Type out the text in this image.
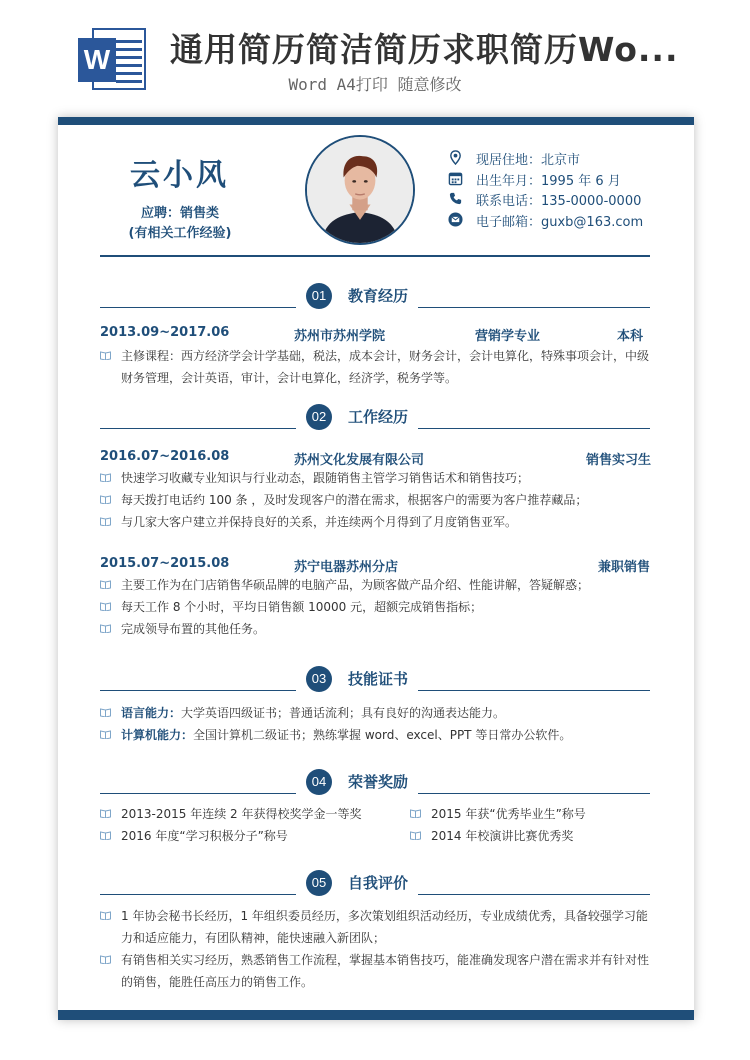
W 通用简历简洁简历求职简历Wo...
Word A4打印 随意修改
云小风
应聘：销售类
(有相关工作经验)
现居住地：北京市
出生年月：1995 年 6 月
联系电话：135-0000-0000
电子邮箱：guxb@163.com
01	教育经历
2013.09~2017.06	苏州市苏州学院	营销学专业	本科
主修课程：西方经济学会计学基础，税法，成本会计，财务会计，会计电算化，特殊事项会计，中级财务管理，会计英语，审计，会计电算化，经济学，税务学等。
02	工作经历
2016.07~2016.08	苏州文化发展有限公司	销售实习生
快速学习收藏专业知识与行业动态，跟随销售主管学习销售话术和销售技巧；
每天拨打电话约 100 条 ，及时发现客户的潜在需求，根据客户的需要为客户推荐藏品；
与几家大客户建立并保持良好的关系，并连续两个月得到了月度销售亚军。
2015.07~2015.08	苏宁电器苏州分店	兼职销售
主要工作为在门店销售华硕品牌的电脑产品，为顾客做产品介绍、性能讲解，答疑解惑；
每天工作 8 个小时，平均日销售额 10000 元，超额完成销售指标；
完成领导布置的其他任务。
03	技能证书
语言能力：大学英语四级证书；普通话流利；具有良好的沟通表达能力。
计算机能力：全国计算机二级证书；熟练掌握 word、excel、PPT 等日常办公软件。
04	荣誉奖励
2013-2015 年连续 2 年获得校奖学金一等奖	2015 年获“优秀毕业生”称号
2016 年度“学习积极分子”称号	2014 年校演讲比赛优秀奖
05	自我评价
1 年协会秘书长经历，1 年组织委员经历，多次策划组织活动经历，专业成绩优秀，具备较强学习能力和适应能力，有团队精神，能快速融入新团队；
有销售相关实习经历，熟悉销售工作流程，掌握基本销售技巧，能准确发现客户潜在需求并有针对性的销售，能胜任高压力的销售工作。
